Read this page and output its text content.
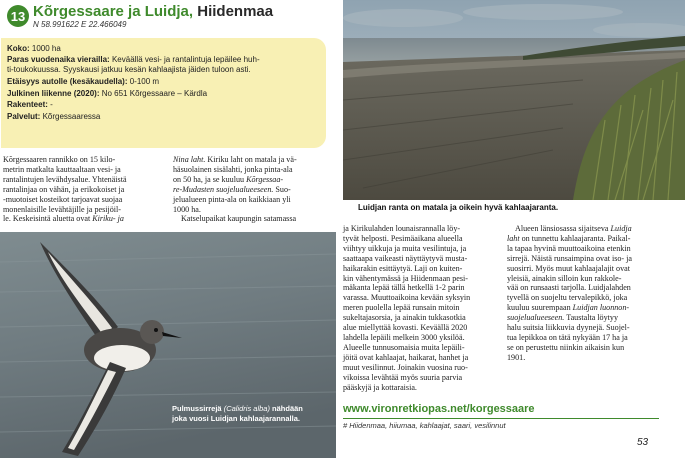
13 Kõrgessaare ja Luidja, Hiidenmaa
N 58.991622 E 22.466049
Koko: 1000 ha
Paras vuodenaika vierailla: Keväällä vesi- ja rantalintuja lepäilee huh-
ti-toukokuussa. Syyskausi jatkuu kesän kahlaajista jäiden tuloon asti.
Etäisyys autolle (kesäkaudella): 0-100 m
Julkinen liikenne (2020): No 651 Kõrgessaare – Kärdla
Rakenteet: -
Palvelut: Kõrgessaaressa

Kõrgessaaren rannikko on 15 kilo-

metrin matkalta kauttaaltaan vesi- ja

rantalintujen levähdysalue. Yhtenäistä

rantalinjaa on vähän, ja erikokoiset ja

-muotoiset kosteikot tarjoavat suojaa

monenlaisille levähtäjille ja pesijöil-

le. Keskeisintä aluetta ovat Kiriku- ja

Nina laht. Kiriku laht on matala ja vä-

häsuolainen sisälahti, jonka pinta-ala

on 50 ha, ja se kuuluu Kõrgessaa-

re-Mudasten suojelualueeseen. Suo-

jelualueen pinta-ala on kaikkiaan yli

1000 ha.

Katselupaikat kaupungin satamassa

Pulmussirrejä (Calidris alba) nähdään
joka vuosi Luidjan kahlaajarannalla.
Luidjan ranta on matala ja oikein hyvä kahlaajaranta.

ja Kirikulahden lounaisrannalla löy-

tyvät helposti. Pesimäaikana alueella

viihtyy uikkuja ja muita vesilintuja, ja

saattaapa vaikeasti näyttäytyvä musta-

haikarakin esittäytyä. Laji on kuiten-

kin vähentymässä ja Hiidenmaan pesi-

mäkanta lepää tällä hetkellä 1-2 parin

varassa. Muuttoaikoina kevään syksyin

meren puolella lepää runsain mitoin

sukeltajasorsia, ja ainakin tukkasotkia

alue miellyttää kovasti. Keväällä 2020

lahdella lepäili melkein 3000 yksilöä.

Alueelle tunnusomaisia muita lepäili-

jöitä ovat kahlaajat, haikarat, hanhet ja

muut vesilinnut. Joinakin vuosina ruo-

vikoissa levähtää myös suuria parvia

pääskyjä ja kottaraisia.

Alueen länsiosassa sijaitseva Luidja

laht on tunnettu kahlaajaranta. Paikal-

la tapaa hyvinä muuttoaikoina etenkin

sirrejä. Näistä runsaimpina ovat iso- ja

suosirri. Myös muut kahlaajalajit ovat

yleisiä, ainakin silloin kun rakkole-

vää on runsaasti tarjolla. Luidjalahden

tyvellä on suojeltu tervalepikkö, joka

kuuluu suurempaan Luidjan luonnon-

suojelualueeseen. Taustalta löytyy

halu suitsia liikkuvia dyynejä. Suojel-

tua lepikkoa on tätä nykyään 17 ha ja

se on perustettu niinkin aikaisin kun

1901.

www.vironretkiopas.net/korgessaare
# Hiidenmaa, hiiumaa, kahlaajat, saari, vesilinnut
53
